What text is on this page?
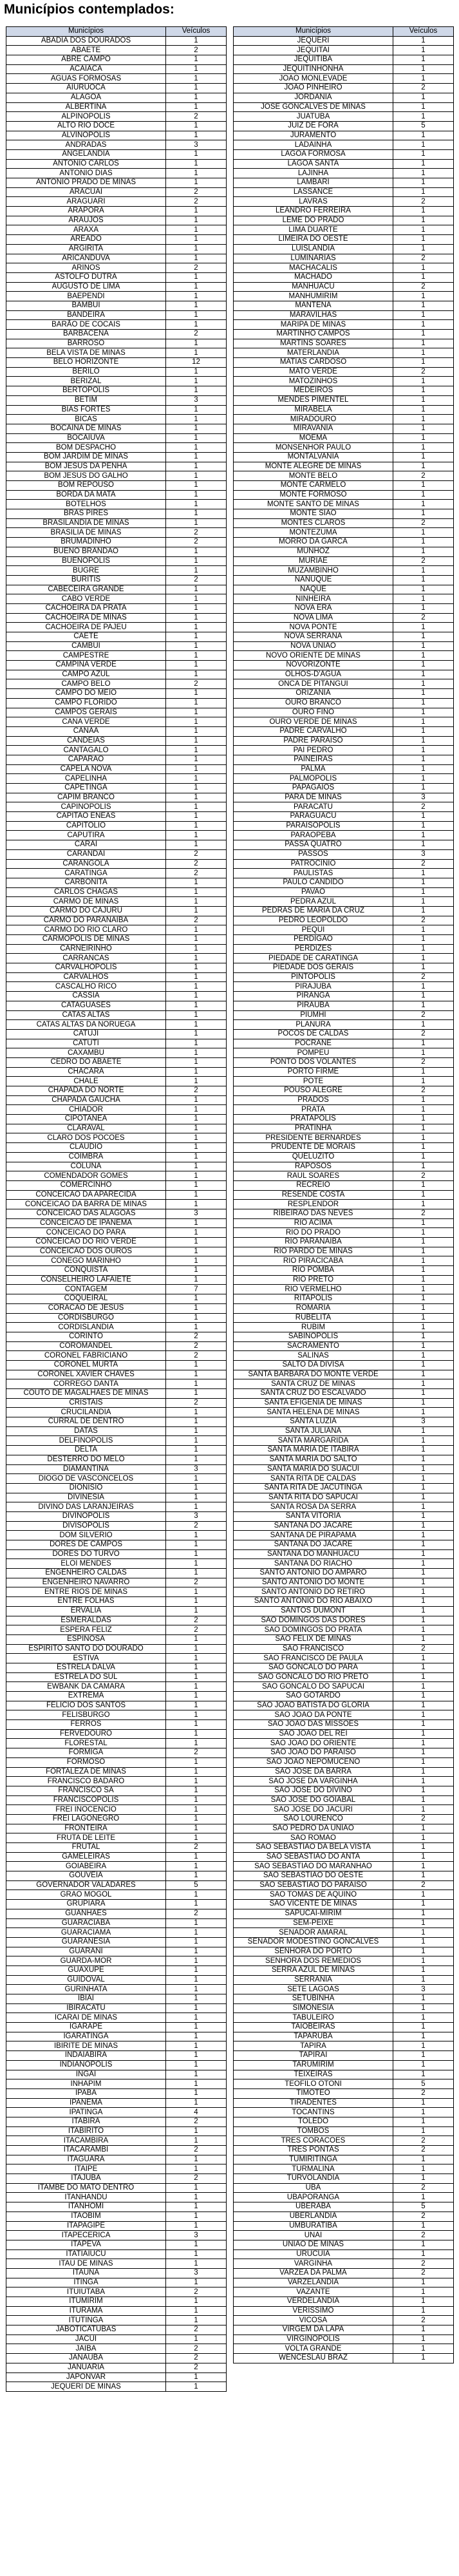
Municípios contemplados:
Municípios	Veículos
ABADIA DOS DOURADOS	1
ABAETE	2
ABRE CAMPO	1
ACAIACA	1
AGUAS FORMOSAS	1
AIURUOCA	1
ALAGOA	1
ALBERTINA	1
ALPINOPOLIS	2
ALTO RIO DOCE	1
ALVINOPOLIS	1
ANDRADAS	3
ANGELANDIA	1
ANTONIO CARLOS	1
ANTONIO DIAS	1
ANTONIO PRADO DE MINAS	1
ARACUAI	2
ARAGUARI	2
ARAPORA	1
ARAUJOS	1
ARAXA	1
AREADO	1
ARGIRITA	1
ARICANDUVA	1
ARINOS	2
ASTOLFO DUTRA	1
AUGUSTO DE LIMA	1
BAEPENDI	1
BAMBUI	1
BANDEIRA	1
BARÃO DE COCAIS	1
BARBACENA	2
BARROSO	1
BELA VISTA DE MINAS	1
BELO HORIZONTE	12
BERILO	1
BERIZAL	1
BERTOPOLIS	1
BETIM	3
BIAS FORTES	1
BICAS	1
BOCAINA DE MINAS	1
BOCAIUVA	1
BOM DESPACHO	1
BOM JARDIM DE MINAS	1
BOM JESUS DA PENHA	1
BOM JESUS DO GALHO	1
BOM REPOUSO	1
BORDA DA MATA	1
BOTELHOS	1
BRAS PIRES	1
BRASILANDIA DE MINAS	1
BRASILIA DE MINAS	2
BRUMADINHO	2
BUENO BRANDAO	1
BUENOPOLIS	1
BUGRE	1
BURITIS	2
CABECEIRA GRANDE	1
CABO VERDE	1
CACHOEIRA DA PRATA	1
CACHOEIRA DE MINAS	1
CACHOEIRA DE PAJEU	1
CAETE	1
CAMBUI	1
CAMPESTRE	1
CAMPINA VERDE	1
CAMPO AZUL	1
CAMPO BELO	2
CAMPO DO MEIO	1
CAMPO FLORIDO	1
CAMPOS GERAIS	1
CANA VERDE	1
CANAA	1
CANDEIAS	1
CANTAGALO	1
CAPARAO	1
CAPELA NOVA	1
CAPELINHA	1
CAPETINGA	1
CAPIM BRANCO	1
CAPINOPOLIS	1
CAPITAO ENEAS	1
CAPITOLIO	1
CAPUTIRA	1
CARAI	1
CARANDAI	2
CARANGOLA	2
CARATINGA	2
CARBONITA	1
CARLOS CHAGAS	1
CARMO DE MINAS	1
CARMO DO CAJURU	1
CARMO DO PARANAIBA	2
CARMO DO RIO CLARO	1
CARMOPOLIS DE MINAS	1
CARNEIRINHO	1
CARRANCAS	1
CARVALHOPOLIS	1
CARVALHOS	1
CASCALHO RICO	1
CASSIA	1
CATAGUASES	1
CATAS ALTAS	1
CATAS ALTAS DA NORUEGA	1
CATUJI	1
CATUTI	1
CAXAMBU	1
CEDRO DO ABAETE	1
CHACARA	1
CHALE	1
CHAPADA DO NORTE	2
CHAPADA GAUCHA	1
CHIADOR	1
CIPOTANEA	1
CLARAVAL	1
CLARO DOS POCOES	1
CLAUDIO	1
COIMBRA	1
COLUNA	1
COMENDADOR GOMES	1
COMERCINHO	1
CONCEICAO DA APARECIDA	1
CONCEICAO DA BARRA DE MINAS	1
CONCEICAO DAS ALAGOAS	3
CONCEICAO DE IPANEMA	1
CONCEICAO DO PARA	1
CONCEICAO DO RIO VERDE	1
CONCEICAO DOS OUROS	1
CONEGO MARINHO	1
CONQUISTA	1
CONSELHEIRO LAFAIETE	1
CONTAGEM	7
COQUEIRAL	1
CORACAO DE JESUS	1
CORDISBURGO	1
CORDISLANDIA	1
CORINTO	2
COROMANDEL	2
CORONEL FABRICIANO	2
CORONEL MURTA	1
CORONEL XAVIER CHAVES	1
CORREGO DANTA	1
COUTO DE MAGALHAES DE MINAS	1
CRISTAIS	2
CRUCILANDIA	1
CURRAL DE DENTRO	1
DATAS	1
DELFINOPOLIS	1
DELTA	1
DESTERRO DO MELO	1
DIAMANTINA	3
DIOGO DE VASCONCELOS	1
DIONISIO	1
DIVINESIA	1
DIVINO DAS LARANJEIRAS	1
DIVINOPOLIS	3
DIVISOPOLIS	2
DOM SILVERIO	1
DORES DE CAMPOS	1
DORES DO TURVO	1
ELOI MENDES	1
ENGENHEIRO CALDAS	1
ENGENHEIRO NAVARRO	2
ENTRE RIOS DE MINAS	1
ENTRE FOLHAS	1
ERVALIA	1
ESMERALDAS	2
ESPERA FELIZ	2
ESPINOSA	1
ESPIRITO SANTO DO DOURADO	1
ESTIVA	1
ESTRELA DALVA	1
ESTRELA DO SUL	1
EWBANK DA CAMARA	1
EXTREMA	1
FELICIO DOS SANTOS	1
FELISBURGO	1
FERROS	1
FERVEDOURO	1
FLORESTAL	1
FORMIGA	2
FORMOSO	1
FORTALEZA DE MINAS	1
FRANCISCO BADARO	1
FRANCISCO SA	1
FRANCISCOPOLIS	1
FREI INOCENCIO	1
FREI LAGONEGRO	1
FRONTEIRA	1
FRUTA DE LEITE	1
FRUTAL	2
GAMELEIRAS	1
GOIABEIRA	1
GOUVEIA	1
GOVERNADOR VALADARES	5
GRAO MOGOL	1
GRUPIARA	1
GUANHAES	2
GUARACIABA	1
GUARACIAMA	1
GUARANESIA	1
GUARANI	1
GUARDA-MOR	1
GUAXUPE	1
GUIDOVAL	1
GURINHATA	1
IBIAI	1
IBIRACATU	1
ICARAI DE MINAS	1
IGARAPE	1
IGARATINGA	1
IBIRITE DE MINAS	1
INDAIABIRA	1
INDIANOPOLIS	1
INGAI	1
INHAPIM	1
IPABA	1
IPANEMA	1
IPATINGA	4
ITABIRA	2
ITABIRITO	1
ITACAMBIRA	1
ITACARAMBI	2
ITAGUARA	1
ITAIPE	1
ITAJUBA	2
ITAMBE DO MATO DENTRO	1
ITANHANDU	1
ITANHOMI	1
ITAOBIM	1
ITAPAGIPE	1
ITAPECERICA	3
ITAPEVA	1
ITATIAIUCU	1
ITAU DE MINAS	1
ITAUNA	3
ITINGA	1
ITUIUTABA	2
ITUMIRIM	1
ITURAMA	1
ITUTINGA	1
JABOTICATUBAS	2
JACUI	1
JAIBA	2
JANAUBA	2
JANUARIA	2
JAPONVAR	1
JEQUERI DE MINAS	1
Municípios	Veículos
JEQUERI	1
JEQUITAI	1
JEQUITIBA	1
JEQUITINHONHA	1
JOAO MONLEVADE	1
JOAO PINHEIRO	2
JORDANIA	1
JOSE GONCALVES DE MINAS	1
JUATUBA	1
JUIZ DE FORA	5
JURAMENTO	1
LADAINHA	1
LAGOA FORMOSA	1
LAGOA SANTA	1
LAJINHA	1
LAMBARI	1
LASSANCE	1
LAVRAS	2
LEANDRO FERREIRA	1
LEME DO PRADO	1
LIMA DUARTE	1
LIMEIRA DO OESTE	1
LUISLANDIA	1
LUMINARIAS	2
MACHACALIS	1
MACHADO	1
MANHUACU	2
MANHUMIRIM	1
MANTENA	1
MARAVILHAS	1
MARIPA DE MINAS	1
MARTINHO CAMPOS	1
MARTINS SOARES	1
MATERLANDIA	1
MATIAS CARDOSO	1
MATO VERDE	2
MATOZINHOS	1
MEDEIROS	1
MENDES PIMENTEL	1
MIRABELA	1
MIRADOURO	1
MIRAVANIA	1
MOEMA	1
MONSENHOR PAULO	1
MONTALVANIA	1
MONTE ALEGRE DE MINAS	1
MONTE BELO	2
MONTE CARMELO	1
MONTE FORMOSO	1
MONTE SANTO DE MINAS	1
MONTE SIAO	1
MONTES CLAROS	2
MONTEZUMA	1
MORRO DA GARCA	1
MUNHOZ	1
MURIAE	2
MUZAMBINHO	1
NANUQUE	1
NAQUE	1
NINHEIRA	1
NOVA ERA	1
NOVA LIMA	2
NOVA PONTE	1
NOVA SERRANA	1
NOVA UNIAO	1
NOVO ORIENTE DE MINAS	1
NOVORIZONTE	1
OLHOS-D'AGUA	1
ONCA DE PITANGUI	1
ORIZANIA	1
OURO BRANCO	1
OURO FINO	1
OURO VERDE DE MINAS	1
PADRE CARVALHO	1
PADRE PARAISO	1
PAI PEDRO	1
PAINEIRAS	1
PALMA	1
PALMOPOLIS	1
PAPAGAIOS	1
PARA DE MINAS	3
PARACATU	2
PARAGUACU	1
PARAISOPOLIS	1
PARAOPEBA	1
PASSA QUATRO	1
PASSOS	3
PATROCINIO	2
PAULISTAS	1
PAULO CANDIDO	1
PAVAO	1
PEDRA AZUL	1
PEDRAS DE MARIA DA CRUZ	1
PEDRO LEOPOLDO	2
PEQUI	1
PERDIGAO	1
PERDIZES	1
PIEDADE DE CARATINGA	1
PIEDADE DOS GERAIS	1
PINTOPOLIS	2
PIRAJUBA	1
PIRANGA	1
PIRAUBA	1
PIUMHI	2
PLANURA	1
POCOS DE CALDAS	2
POCRANE	1
POMPEU	1
PONTO DOS VOLANTES	2
PORTO FIRME	1
POTE	1
POUSO ALEGRE	2
PRADOS	1
PRATA	1
PRATAPOLIS	1
PRATINHA	1
PRESIDENTE BERNARDES	1
PRUDENTE DE MORAIS	1
QUELUZITO	1
RAPOSOS	1
RAUL SOARES	2
RECREIO	1
RESENDE COSTA	1
RESPLENDOR	1
RIBEIRAO DAS NEVES	2
RIO ACIMA	1
RIO DO PRADO	1
RIO PARANAIBA	1
RIO PARDO DE MINAS	1
RIO PIRACICABA	1
RIO POMBA	1
RIO PRETO	1
RIO VERMELHO	1
RITAPOLIS	1
ROMARIA	1
RUBELITA	1
RUBIM	1
SABINOPOLIS	1
SACRAMENTO	1
SALINAS	1
SALTO DA DIVISA	1
SANTA BARBARA DO MONTE VERDE	1
SANTA CRUZ DE MINAS	1
SANTA CRUZ DO ESCALVADO	1
SANTA EFIGENIA DE MINAS	1
SANTA HELENA DE MINAS	1
SANTA LUZIA	3
SANTA JULIANA	1
SANTA MARGARIDA	1
SANTA MARIA DE ITABIRA	1
SANTA MARIA DO SALTO	1
SANTA MARIA DO SUACUI	1
SANTA RITA DE CALDAS	1
SANTA RITA DE JACUTINGA	1
SANTA RITA DO SAPUCAI	1
SANTA ROSA DA SERRA	1
SANTA VITORIA	1
SANTANA DO JACARE	1
SANTANA DE PIRAPAMA	1
SANTANA DO JACARE	1
SANTANA DO MANHUACU	1
SANTANA DO RIACHO	1
SANTO ANTONIO DO AMPARO	1
SANTO ANTONIO DO MONTE	1
SANTO ANTONIO DO RETIRO	1
SANTO ANTONIO DO RIO ABAIXO	1
SANTOS DUMONT	1
SAO DOMINGOS DAS DORES	1
SAO DOMINGOS DO PRATA	1
SAO FELIX DE MINAS	1
SAO FRANCISCO	2
SAO FRANCISCO DE PAULA	1
SAO GONCALO DO PARA	1
SAO GONCALO DO RIO PRETO	1
SAO GONCALO DO SAPUCAI	1
SAO GOTARDO	1
SAO JOAO BATISTA DO GLORIA	1
SAO JOAO DA PONTE	1
SAO JOAO DAS MISSOES	1
SAO JOAO DEL REI	1
SAO JOAO DO ORIENTE	1
SAO JOAO DO PARAISO	1
SAO JOAO NEPOMUCENO	1
SAO JOSE DA BARRA	1
SAO JOSE DA VARGINHA	1
SAO JOSE DO DIVINO	1
SAO JOSE DO GOIABAL	1
SAO JOSE DO JACURI	1
SAO LOURENCO	2
SAO PEDRO DA UNIAO	1
SAO ROMAO	1
SAO SEBASTIAO DA BELA VISTA	1
SAO SEBASTIAO DO ANTA	1
SAO SEBASTIAO DO MARANHAO	1
SAO SEBASTIAO DO OESTE	1
SAO SEBASTIAO DO PARAISO	2
SAO TOMAS DE AQUINO	1
SAO VICENTE DE MINAS	1
SAPUCAI-MIRIM	1
SEM-PEIXE	1
SENADOR AMARAL	1
SENADOR MODESTINO GONCALVES	1
SENHORA DO PORTO	1
SENHORA DOS REMEDIOS	1
SERRA AZUL DE MINAS	1
SERRANIA	1
SETE LAGOAS	3
SETUBINHA	1
SIMONESIA	1
TABULEIRO	1
TAIOBEIRAS	1
TAPARUBA	1
TAPIRA	1
TAPIRAI	1
TARUMIRIM	1
TEIXEIRAS	1
TEOFILO OTONI	5
TIMOTEO	2
TIRADENTES	1
TOCANTINS	1
TOLEDO	1
TOMBOS	1
TRES CORACOES	2
TRES PONTAS	2
TUMIRITINGA	1
TURMALINA	1
TURVOLANDIA	1
UBA	2
UBAPORANGA	1
UBERABA	5
UBERLANDIA	2
UMBURATIBA	1
UNAI	2
UNIAO DE MINAS	1
URUCUIA	1
VARGINHA	2
VARZEA DA PALMA	2
VARZELANDIA	1
VAZANTE	1
VERDELANDIA	1
VERISSIMO	1
VICOSA	2
VIRGEM DA LAPA	1
VIRGINOPOLIS	1
VOLTA GRANDE	1
WENCESLAU BRAZ	1
